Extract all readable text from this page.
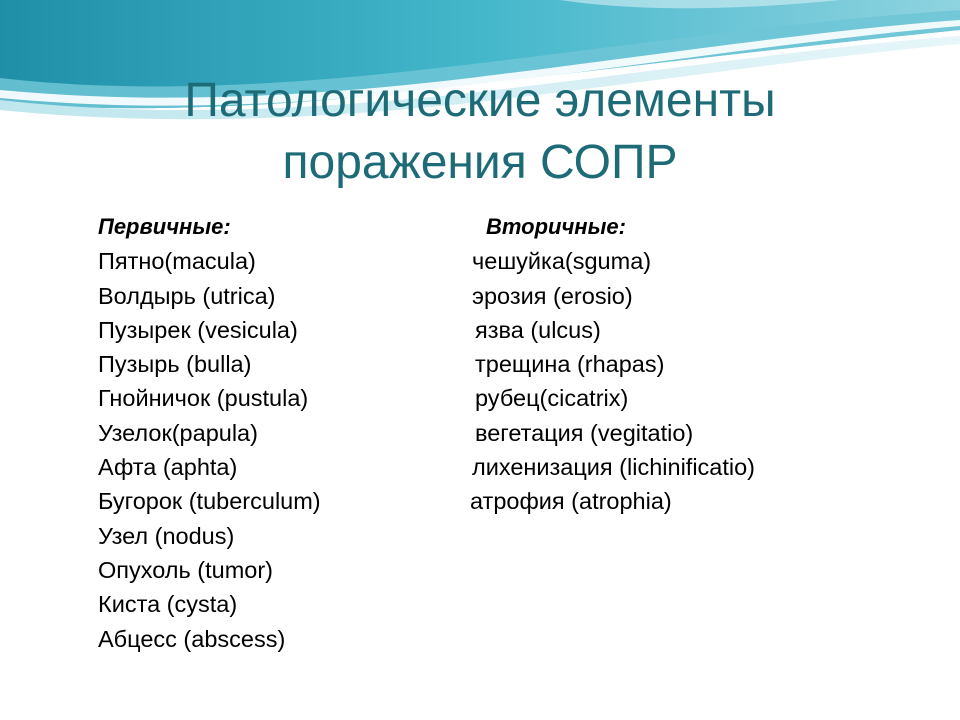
Патологические элементы
поражения СОПР
Первичные:
Пятно(macula)
Волдырь (utrica)
Пузырек (vesicula)
Пузырь (bulla)
Гнойничок (pustula)
Узелок(papula)
Афта (aphta)
Бугорок (tuberculum)
Узел (nodus)
Опухоль (tumor)
Киста (cysta)
Абцесс (abscess)
Вторичные:
чешуйка(sguma)
эрозия (erosio)
язва (ulcus)
трещина (rhapas)
рубец(cicatrix)
вегетация (vegitatio)
лихенизация (lichinificatio)
атрофия (atrophia)
